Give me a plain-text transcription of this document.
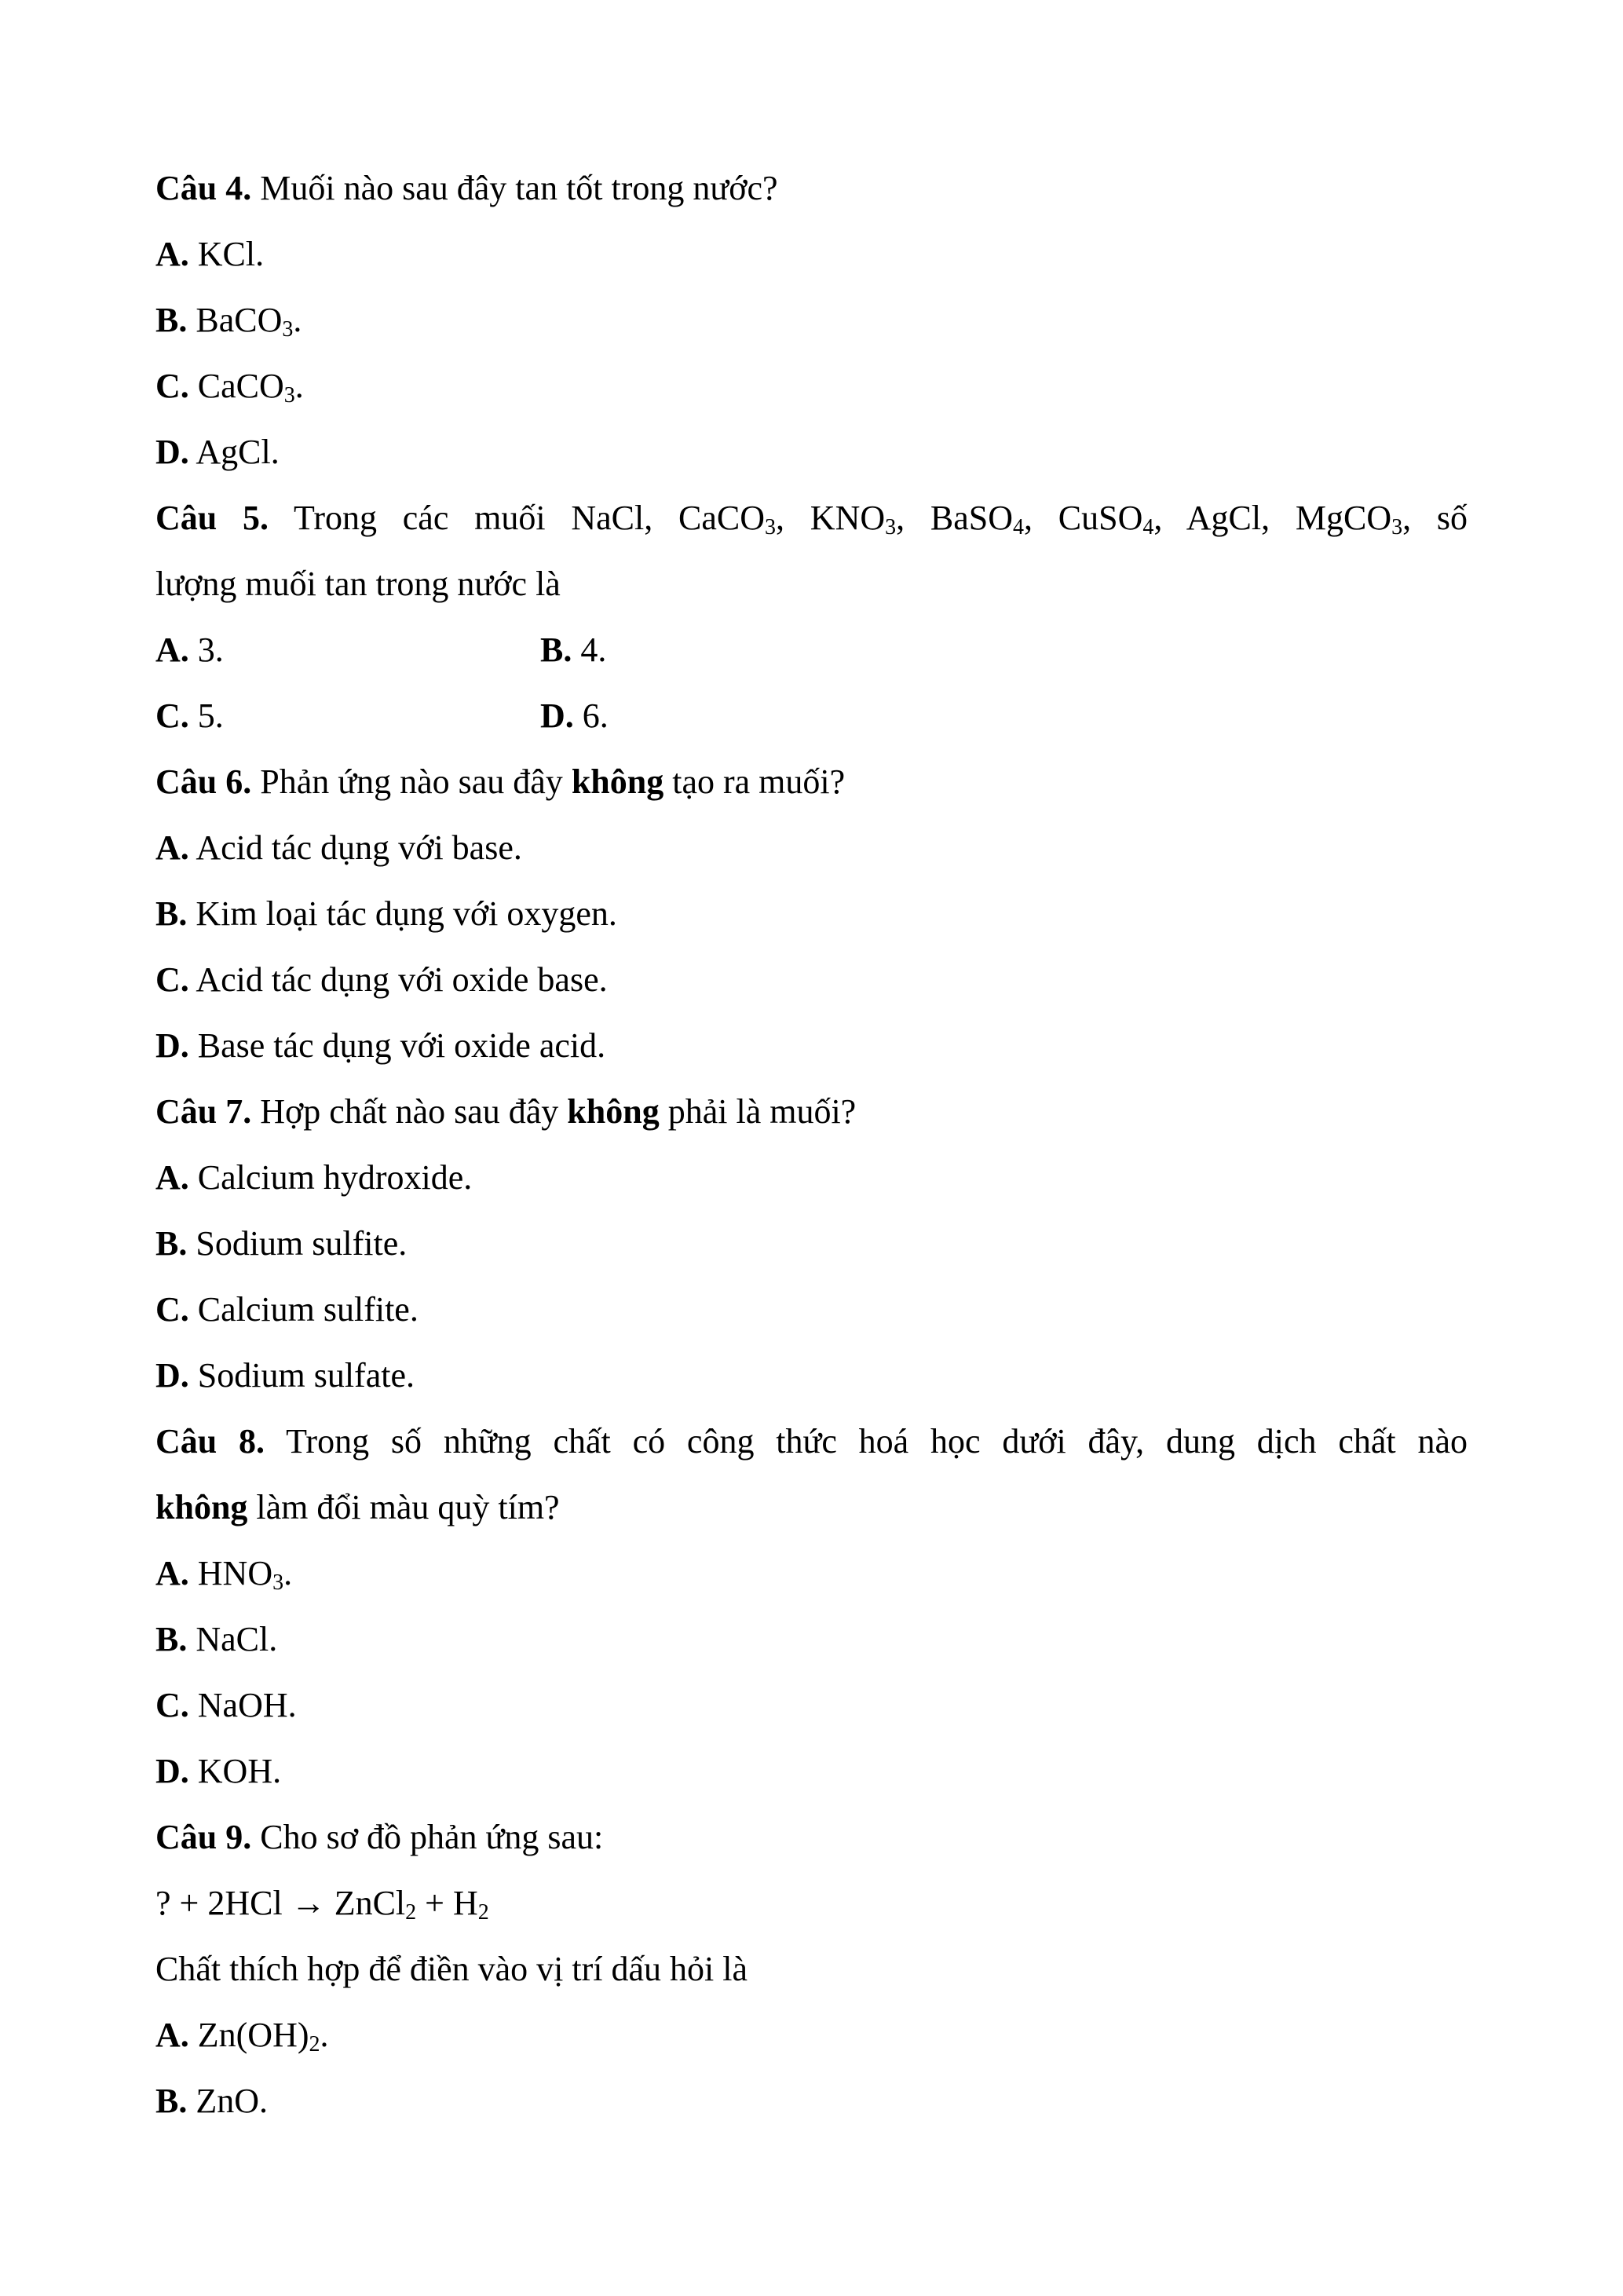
Câu 4. Muối nào sau đây tan tốt trong nước?
A. KCl.
B. BaCO$_3$.
C. CaCO$_3$.
D. AgCl.
Câu 5. Trong các muối NaCl, CaCO$_3$, $KNO_3$, BaSO$_4$, CuSO$_4$, AgCl, MgCO$_3$, số
lượng muối tan trong nước là
A. 3.	B. 4.
C. 5.	D. 6.
Câu 6. Phản ứng nào sau đây không tạo ra muối?
A. Acid tác dụng với base.
B. Kim loại tác dụng với oxygen.
C. Acid tác dụng với oxide base.
D. Base tác dụng với oxide acid.
Câu 7. Hợp chất nào sau đây không phải là muối?
A. Calcium hydroxide.
B. Sodium sulfite.
C. Calcium sulfite.
D. Sodium sulfate.
Câu 8. Trong số những chất có công thức hoá học dưới đây, dung dịch chất nào
không làm đổi màu quỳ tím?
A. $HNO_3$.
B. NaCl.
C. NaOH.
D. KOH.
Câu 9. Cho sơ đồ phản ứng sau:
? + 2HCl → ZnCl$_2$ + $H_2$
Chất thích hợp để điền vào vị trí dấu hỏi là
A. $Zn(OH)_2$.
B. ZnO.
